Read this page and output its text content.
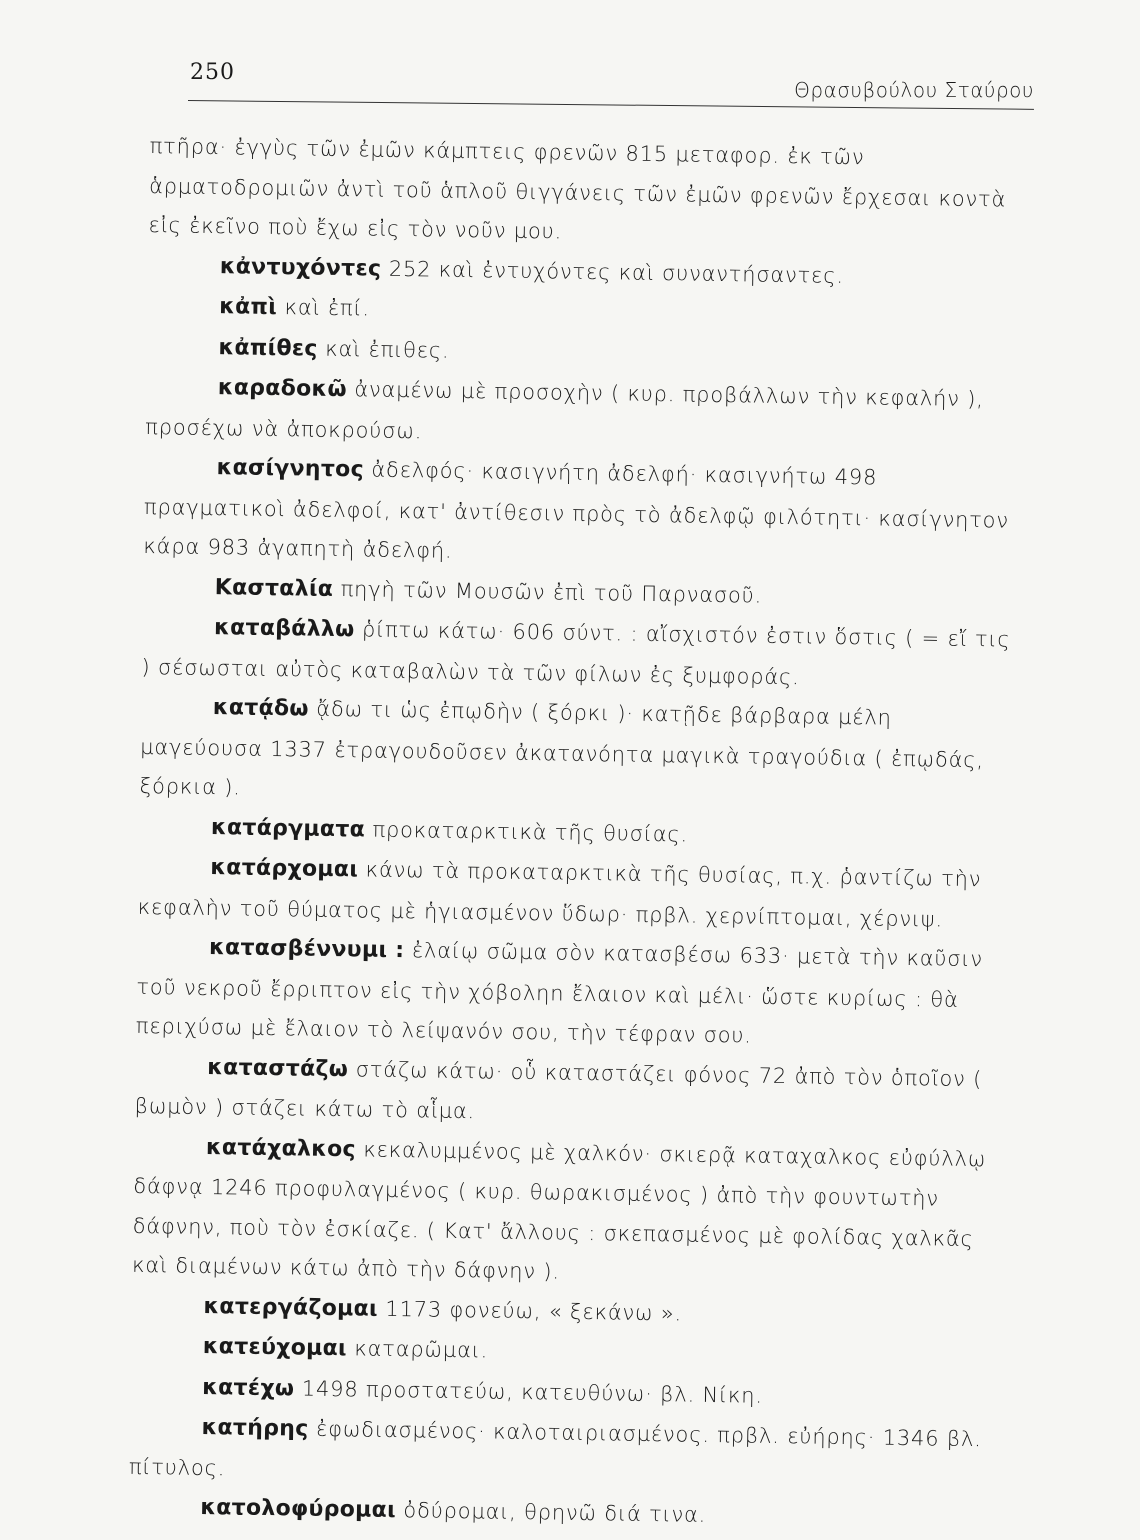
250
Θρασυβούλου Σταύρου

πτῆρα· ἐγγὺς τῶν ἐμῶν κάμπτεις φρενῶν 815 μεταφορ. ἐκ τῶν ἁρματοδρομιῶν ἀντὶ τοῦ ἁπλοῦ θιγγάνεις τῶν ἐμῶν φρενῶν ἔρχεσαι κοντὰ εἰς ἐκεῖνο ποὺ ἔχω εἰς τὸν νοῦν μου.

κἀντυχόντες 252 καὶ ἐντυχόντες καὶ συναντήσαντες.

κἀπὶ καὶ ἐπί.

κἀπίθες καὶ ἐπιθες.

καραδοκῶ ἀναμένω μὲ προσοχὴν ( κυρ. προβάλλων τὴν κεφαλήν ), προσέχω νὰ ἀποκρούσω.

κασίγνητος ἀδελφός· κασιγνήτη ἀδελφή· κασιγνήτω 498 πραγματικοὶ ἀδελφοί, κατ' ἀντίθεσιν πρὸς τὸ ἀδελφῷ φιλότητι· κασίγνητον κάρα 983 ἀγαπητὴ ἀδελφή.

Κασταλία πηγὴ τῶν Μουσῶν ἐπὶ τοῦ Παρνασοῦ.

καταβάλλω ῥίπτω κάτω· 606 σύντ. : αἴσχιστόν ἐστιν ὅστις ( = εἴ τις ) σέσωσται αὐτὸς καταβαλὼν τὰ τῶν φίλων ἐς ξυμφοράς.

κατᾴδω ᾄδω τι ὡς ἐπῳδὴν ( ξόρκι )· κατῇδε βάρβαρα μέλη μαγεύουσα 1337 ἐτραγουδοῦσεν ἀκατανόητα μαγικὰ τραγούδια ( ἐπῳδάς, ξόρκια ).

κατάργματα προκαταρκτικὰ τῆς θυσίας.

κατάρχομαι κάνω τὰ προκαταρκτικὰ τῆς θυσίας, π.χ. ῥαντίζω τὴν κεφαλὴν τοῦ θύματος μὲ ἡγιασμένον ὕδωρ· πρβλ. χερνίπτομαι, χέρνιψ.

κατασβέννυμι : ἐλαίῳ σῶμα σὸν κατασβέσω 633· μετὰ τὴν καῦσιν τοῦ νεκροῦ ἔρριπτον εἰς τὴν χόβοληn ἔλαιον καὶ μέλι· ὥστε κυρίως : θὰ περιχύσω μὲ ἔλαιον τὸ λείψανόν σου, τὴν τέφραν σου.

καταστάζω στάζω κάτω· οὗ καταστάζει φόνος 72 ἀπὸ τὸν ὁποῖον ( βωμὸν ) στάζει κάτω τὸ αἷμα.

κατάχαλκος κεκαλυμμένος μὲ χαλκόν· σκιερᾷ καταχαλκος εὐφύλλῳ δάφνᾳ 1246 προφυλαγμένος ( κυρ. θωρακισμένος ) ἀπὸ τὴν φουντωτὴν δάφνην, ποὺ τὸν ἐσκίαζε. ( Κατ' ἄλλους : σκεπασμένος μὲ φολίδας χαλκᾶς καὶ διαμένων κάτω ἀπὸ τὴν δάφνην ).

κατεργάζομαι 1173 φονεύω, « ξεκάνω ».

κατεύχομαι καταρῶμαι.

κατέχω 1498 προστατεύω, κατευθύνω· βλ. Νίκη.

κατήρης ἐφωδιασμένος· καλοταιριασμένος. πρβλ. εὐήρης· 1346 βλ. πίτυλος.

κατολοφύρομαι ὀδύρομαι, θρηνῶ διά τινα.
